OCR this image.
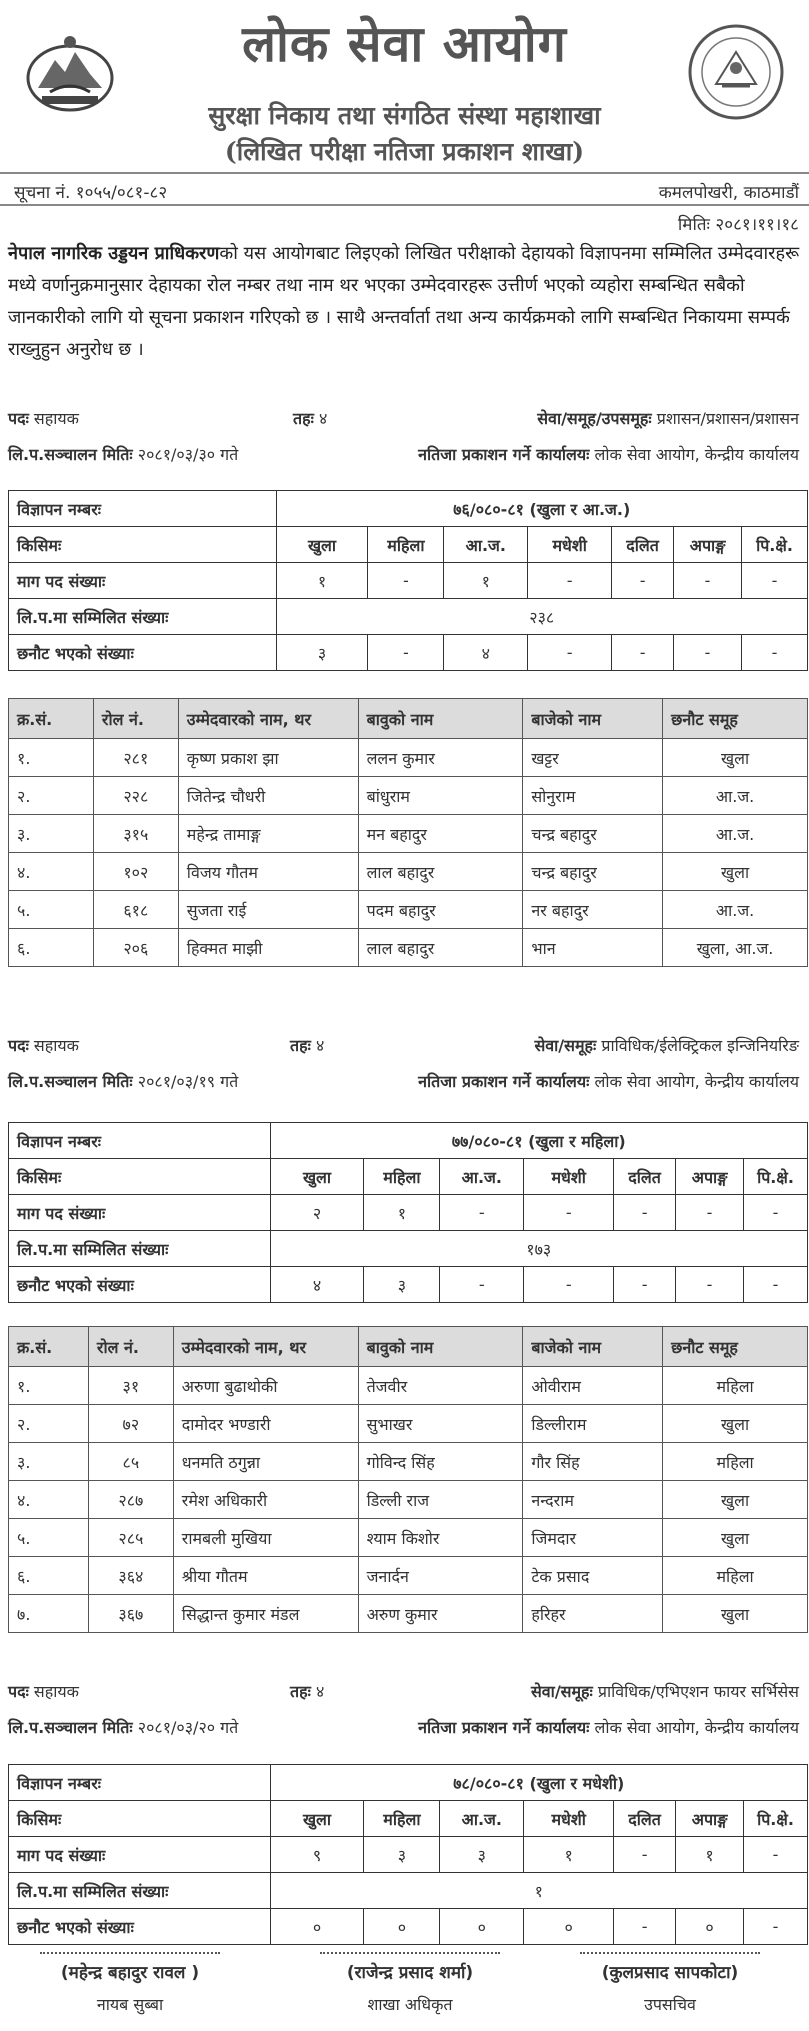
लोक सेवा आयोग
सुरक्षा निकाय तथा संगठित संस्था महाशाखा
(लिखित परीक्षा नतिजा प्रकाशन शाखा)
सूचना नं. १०५५/०८१-८२	कमलपोखरी, काठमाडौं
मितिः २०८१।११।१८
नेपाल नागरिक उड्डयन प्राधिकरणको यस आयोगबाट लिइएको लिखित परीक्षाको देहायको विज्ञापनमा सम्मिलित उम्मेदवारहरू मध्ये वर्णानुक्रमानुसार देहायका रोल नम्बर तथा नाम थर भएका उम्मेदवारहरू उत्तीर्ण भएको व्यहोरा सम्बन्धित सबैको जानकारीको लागि यो सूचना प्रकाशन गरिएको छ । साथै अन्तर्वार्ता तथा अन्य कार्यक्रमको लागि सम्बन्धित निकायमा सम्पर्क राख्नुहुन अनुरोध छ ।
पदः सहायक	तहः ४	सेवा/समूह/उपसमूहः प्रशासन/प्रशासन/प्रशासन
लि.प.सञ्चालन मितिः २०८१/०३/३० गते	नतिजा प्रकाशन गर्ने कार्यालयः लोक सेवा आयोग, केन्द्रीय कार्यालय
विज्ञापन नम्बरः	७६/०८०-८१ (खुला र आ.ज.)						
किसिमः	खुला	महिला	आ.ज.	मधेशी	दलित	अपाङ्ग	पि.क्षे.
माग पद संख्याः	१	-	१	-	-	-	-
लि.प.मा सम्मिलित संख्याः	२३८						
छनौट भएको संख्याः	३	-	४	-	-	-	-
क्र.सं.	रोल नं.	उम्मेदवारको नाम, थर	बावुको नाम	बाजेको नाम	छनौट समूह
१.	२८१	कृष्ण प्रकाश झा	ललन कुमार	खट्टर	खुला
२.	२२८	जितेन्द्र चौधरी	बांधुराम	सोनुराम	आ.ज.
३.	३१५	महेन्द्र तामाङ्ग	मन बहादुर	चन्द्र बहादुर	आ.ज.
४.	१०२	विजय गौतम	लाल बहादुर	चन्द्र बहादुर	खुला
५.	६१८	सुजता राई	पदम बहादुर	नर बहादुर	आ.ज.
६.	२०६	हिक्मत माझी	लाल बहादुर	भान	खुला, आ.ज.
पदः सहायक	तहः ४	सेवा/समूहः प्राविधिक/ईलेक्ट्रिकल इन्जिनियरिङ
लि.प.सञ्चालन मितिः २०८१/०३/१९ गते	नतिजा प्रकाशन गर्ने कार्यालयः लोक सेवा आयोग, केन्द्रीय कार्यालय
विज्ञापन नम्बरः	७७/०८०-८१ (खुला र महिला)						
किसिमः	खुला	महिला	आ.ज.	मधेशी	दलित	अपाङ्ग	पि.क्षे.
माग पद संख्याः	२	१	-	-	-	-	-
लि.प.मा सम्मिलित संख्याः	१७३						
छनौट भएको संख्याः	४	३	-	-	-	-	-
क्र.सं.	रोल नं.	उम्मेदवारको नाम, थर	बावुको नाम	बाजेको नाम	छनौट समूह
१.	३१	अरुणा बुढाथोकी	तेजवीर	ओवीराम	महिला
२.	७२	दामोदर भण्डारी	सुभाखर	डिल्लीराम	खुला
३.	८५	धनमति ठगुन्ना	गोविन्द सिंह	गौर सिंह	महिला
४.	२८७	रमेश अधिकारी	डिल्ली राज	नन्दराम	खुला
५.	२८५	रामबली मुखिया	श्याम किशोर	जिमदार	खुला
६.	३६४	श्रीया गौतम	जनार्दन	टेक प्रसाद	महिला
७.	३६७	सिद्धान्त कुमार मंडल	अरुण कुमार	हरिहर	खुला
पदः सहायक	तहः ४	सेवा/समूहः प्राविधिक/एभिएशन फायर सर्भिसेस
लि.प.सञ्चालन मितिः २०८१/०३/२० गते	नतिजा प्रकाशन गर्ने कार्यालयः लोक सेवा आयोग, केन्द्रीय कार्यालय
विज्ञापन नम्बरः	७८/०८०-८१ (खुला र मधेशी)						
किसिमः	खुला	महिला	आ.ज.	मधेशी	दलित	अपाङ्ग	पि.क्षे.
माग पद संख्याः	९	३	३	१	-	१	-
लि.प.मा सम्मिलित संख्याः	१						
छनौट भएको संख्याः	०	०	०	०	-	०	-
(महेन्द्र बहादुर रावल )
नायब सुब्बा
(राजेन्द्र प्रसाद शर्मा)
शाखा अधिकृत
(कुलप्रसाद सापकोटा)
उपसचिव
